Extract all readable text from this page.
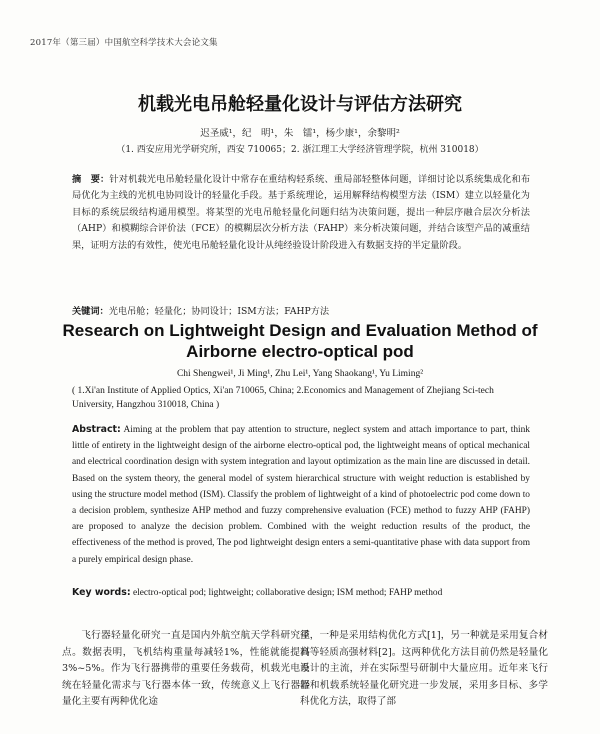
2017年（第三届）中国航空科学技术大会论文集
机载光电吊舱轻量化设计与评估方法研究
迟圣威¹，纪　明¹，朱　镭¹，杨少康¹，余黎明²
（1. 西安应用光学研究所，西安 710065；2. 浙江理工大学经济管理学院，杭州 310018）
摘　要：针对机载光电吊舱轻量化设计中常存在重结构轻系统、重局部轻整体问题，详细讨论以系统集成化和布局优化为主线的光机电协同设计的轻量化手段。基于系统理论，运用解释结构模型方法（ISM）建立以轻量化为目标的系统层级结构通用模型。将某型的光电吊舱轻量化问题归结为决策问题，提出一种层序融合层次分析法（AHP）和模糊综合评价法（FCE）的模糊层次分析方法（FAHP）来分析决策问题，并结合该型产品的减重结果，证明方法的有效性，使光电吊舱轻量化设计从纯经验设计阶段进入有数据支持的半定量阶段。
关键词：光电吊舱；轻量化；协同设计；ISM方法；FAHP方法
Research on Lightweight Design and Evaluation Method of Airborne electro-optical pod
Chi Shengwei¹, Ji Ming¹, Zhu Lei¹, Yang Shaokang¹, Yu Liming²
( 1.Xi'an Institute of Applied Optics, Xi'an 710065, China; 2.Economics and Management of Zhejiang Sci-tech University, Hangzhou 310018, China )
Abstract: Aiming at the problem that pay attention to structure, neglect system and attach importance to part, think little of entirety in the lightweight design of the airborne electro-optical pod, the lightweight means of optical mechanical and electrical coordination design with system integration and layout optimization as the main line are discussed in detail. Based on the system theory, the general model of system hierarchical structure with weight reduction is established by using the structure model method (ISM). Classify the problem of lightweight of a kind of photoelectric pod come down to a decision problem, synthesize AHP method and fuzzy comprehensive evaluation (FCE) method to fuzzy AHP (FAHP) are proposed to analyze the decision problem. Combined with the weight reduction results of the product, the effectiveness of the method is proved, The pod lightweight design enters a semi-quantitative phase with data support from a purely empirical design phase.
Key words: electro-optical pod; lightweight; collaborative design; ISM method; FAHP method

飞行器轻量化研究一直是国内外航空航天学科研究重点。数据表明，飞机结构重量每减轻1%，性能就能提高3%~5%。作为飞行器携带的重要任务载荷，机载光电系统在轻量化需求与飞行器本体一致，传统意义上飞行器轻量化主要有两种优化途

径，一种是采用结构优化方式[1]，另一种就是采用复合材料等轻质高强材料[2]。这两种优化方法目前仍然是轻量化设计的主流，并在实际型号研制中大量应用。近年来飞行器和机载系统轻量化研究进一步发展，采用多目标、多学科优化方法，取得了部
